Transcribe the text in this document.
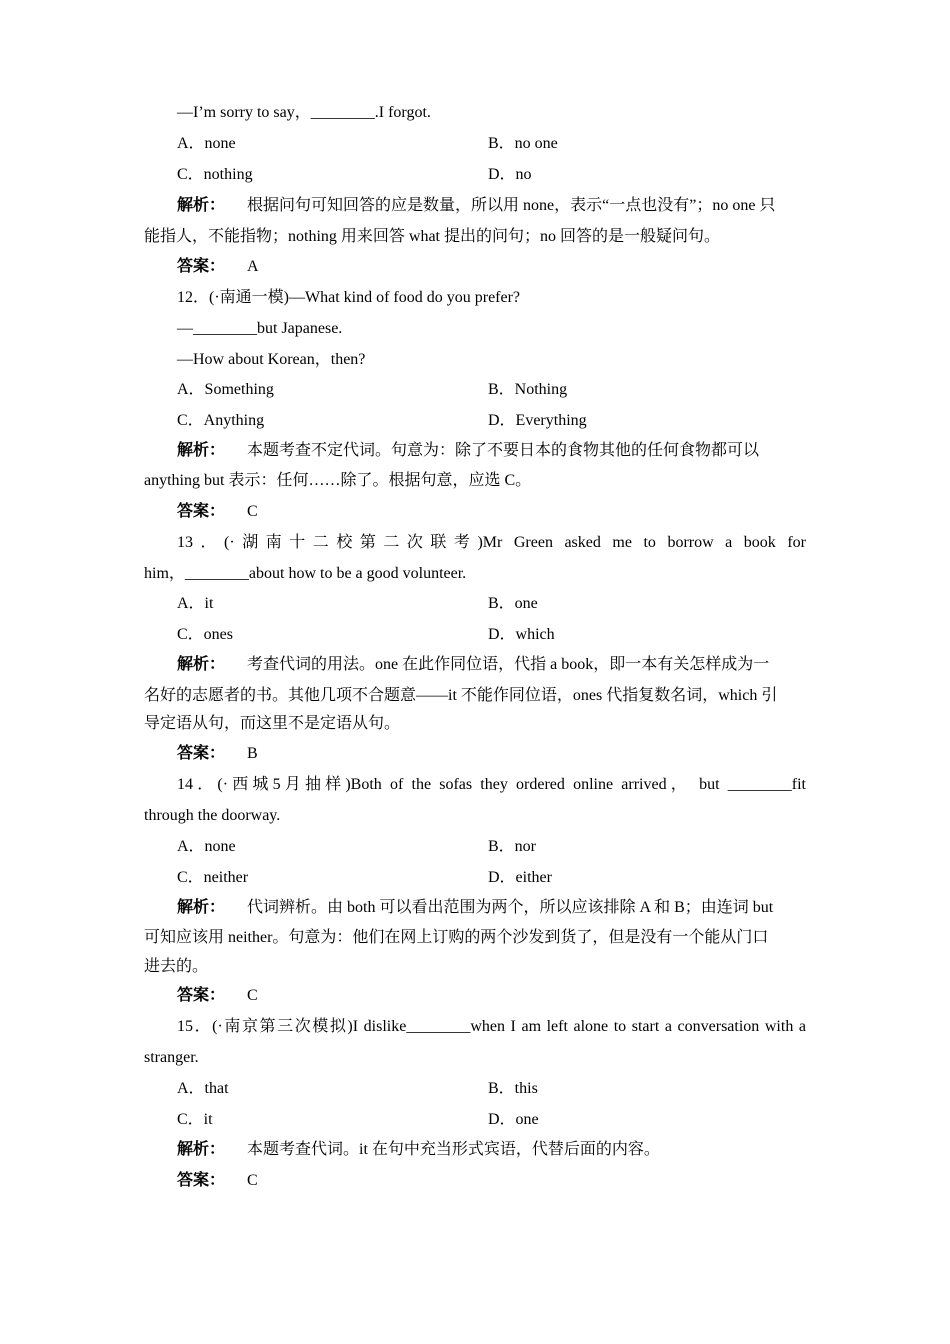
—I’m sorry to say，________.I forgot.
A．none	B．no one
C．nothing	D．no
解析： 根据问句可知回答的应是数量，所以用 none，表示“一点也没有”；no one 只
能指人，不能指物；nothing 用来回答 what 提出的问句；no 回答的是一般疑问句。
答案： A
12．(·南通一模)—What kind of food do you prefer?
—________but Japanese.
—How about Korean，then?
A．Something	B．Nothing
C．Anything	D．Everything
解析： 本题考查不定代词。句意为：除了不要日本的食物其他的任何食物都可以
anything but 表示：任何……除了。根据句意，应选 C。
答案： C
13．(·湖南十二校第二次联考)Mr Green asked me to borrow a book for
him，________about how to be a good volunteer.
A．it	B．one
C．ones	D．which
解析： 考查代词的用法。one 在此作同位语，代指 a book，即一本有关怎样成为一
名好的志愿者的书。其他几项不合题意——it 不能作同位语，ones 代指复数名词，which 引
导定语从句，而这里不是定语从句。
答案： B
14．(·西城5月抽样)Both of the sofas they ordered online arrived， but ________fit
through the doorway.
A．none	B．nor
C．neither	D．either
解析： 代词辨析。由 both 可以看出范围为两个，所以应该排除 A 和 B；由连词 but
可知应该用 neither。句意为：他们在网上订购的两个沙发到货了，但是没有一个能从门口
进去的。
答案： C
15．(·南京第三次模拟)I dislike________when I am left alone to start a conversation with a
stranger.
A．that	B．this
C．it	D．one
解析： 本题考查代词。it 在句中充当形式宾语，代替后面的内容。
答案： C
